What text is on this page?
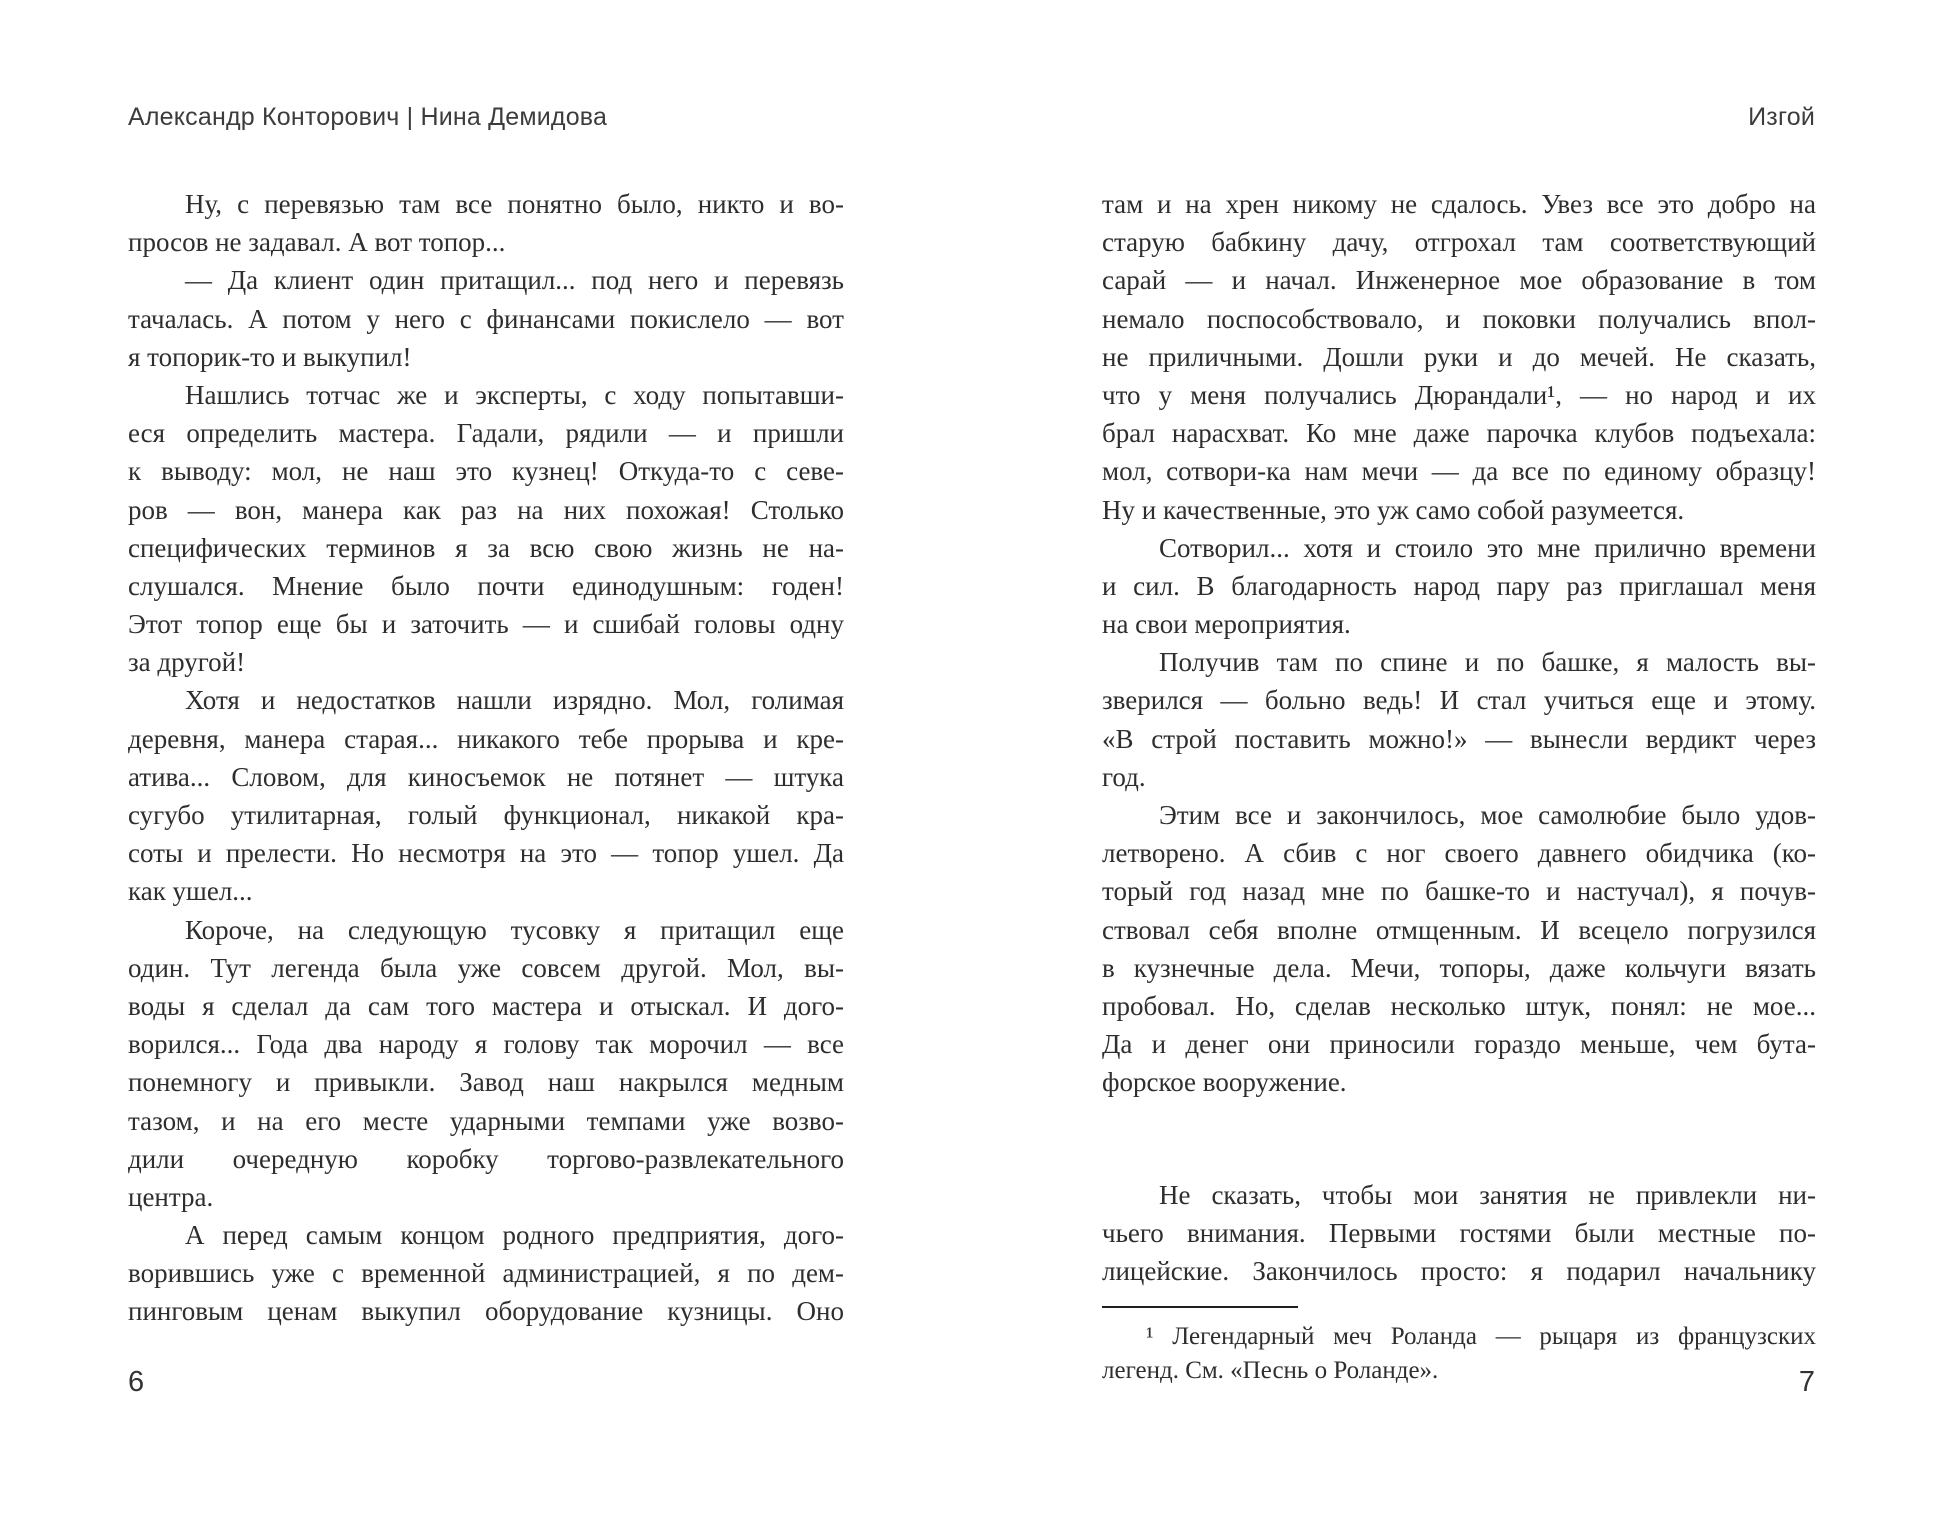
Александр Конторович | Нина Демидова	Изгой
Ну, с перевязью там все понятно было, никто и во-
просов не задавал. А вот топор...
— Да клиент один притащил... под него и перевязь
тачалась. А потом у него с финансами покислело — вот
я топорик-то и выкупил!
Нашлись тотчас же и эксперты, с ходу попытавши-
еся определить мастера. Гадали, рядили — и пришли
к выводу: мол, не наш это кузнец! Откуда-то с севе-
ров — вон, манера как раз на них похожая! Столько
специфических терминов я за всю свою жизнь не на-
слушался. Мнение было почти единодушным: годен!
Этот топор еще бы и заточить — и сшибай головы одну
за другой!
Хотя и недостатков нашли изрядно. Мол, голимая
деревня, манера старая... никакого тебе прорыва и кре-
атива... Словом, для киносъемок не потянет — штука
сугубо утилитарная, голый функционал, никакой кра-
соты и прелести. Но несмотря на это — топор ушел. Да
как ушел...
Короче, на следующую тусовку я притащил еще
один. Тут легенда была уже совсем другой. Мол, вы-
воды я сделал да сам того мастера и отыскал. И дого-
ворился... Года два народу я голову так морочил — все
понемногу и привыкли. Завод наш накрылся медным
тазом, и на его месте ударными темпами уже возво-
дили очередную коробку торгово-развлекательного
центра.
А перед самым концом родного предприятия, дого-
ворившись уже с временной администрацией, я по дем-
пинговым ценам выкупил оборудование кузницы. Оно
там и на хрен никому не сдалось. Увез все это добро на
старую бабкину дачу, отгрохал там соответствующий
сарай — и начал. Инженерное мое образование в том
немало поспособствовало, и поковки получались впол-
не приличными. Дошли руки и до мечей. Не сказать,
что у меня получались Дюрандали¹, — но народ и их
брал нарасхват. Ко мне даже парочка клубов подъехала:
мол, сотвори-ка нам мечи — да все по единому образцу!
Ну и качественные, это уж само собой разумеется.
Сотворил... хотя и стоило это мне прилично времени
и сил. В благодарность народ пару раз приглашал меня
на свои мероприятия.
Получив там по спине и по башке, я малость вы-
зверился — больно ведь! И стал учиться еще и этому.
«В строй поставить можно!» — вынесли вердикт через
год.
Этим все и закончилось, мое самолюбие было удов-
летворено. А сбив с ног своего давнего обидчика (ко-
торый год назад мне по башке-то и настучал), я почув-
ствовал себя вполне отмщенным. И всецело погрузился
в кузнечные дела. Мечи, топоры, даже кольчуги вязать
пробовал. Но, сделав несколько штук, понял: не мое...
Да и денег они приносили гораздо меньше, чем бута-
форское вооружение.
Не сказать, чтобы мои занятия не привлекли ни-
чьего внимания. Первыми гостями были местные по-
лицейские. Закончилось просто: я подарил начальнику
¹ Легендарный меч Роланда — рыцаря из французских
легенд. См. «Песнь о Роланде».
6	7
